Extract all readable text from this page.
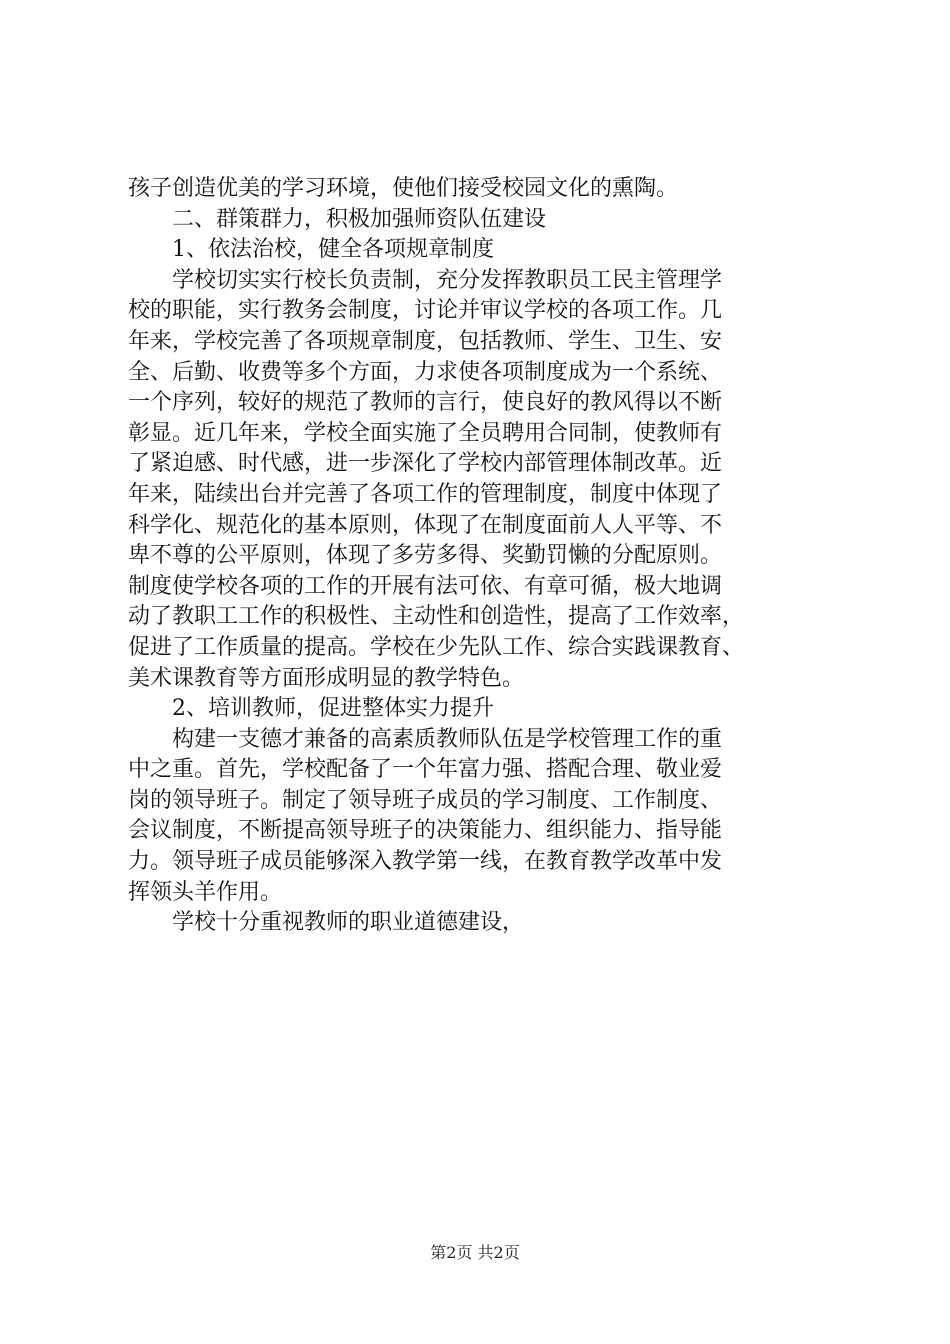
孩子创造优美的学习环境，使他们接受校园文化的熏陶。
二、群策群力，积极加强师资队伍建设
1、依法治校，健全各项规章制度
学校切实实行校长负责制，充分发挥教职员工民主管理学
校的职能，实行教务会制度，讨论并审议学校的各项工作。几
年来，学校完善了各项规章制度，包括教师、学生、卫生、安
全、后勤、收费等多个方面，力求使各项制度成为一个系统、
一个序列，较好的规范了教师的言行，使良好的教风得以不断
彰显。近几年来，学校全面实施了全员聘用合同制，使教师有
了紧迫感、时代感，进一步深化了学校内部管理体制改革。近
年来，陆续出台并完善了各项工作的管理制度，制度中体现了
科学化、规范化的基本原则，体现了在制度面前人人平等、不
卑不尊的公平原则，体现了多劳多得、奖勤罚懒的分配原则。
制度使学校各项的工作的开展有法可依、有章可循，极大地调
动了教职工工作的积极性、主动性和创造性，提高了工作效率，
促进了工作质量的提高。学校在少先队工作、综合实践课教育、
美术课教育等方面形成明显的教学特色。
2、培训教师，促进整体实力提升
构建一支德才兼备的高素质教师队伍是学校管理工作的重
中之重。首先，学校配备了一个年富力强、搭配合理、敬业爱
岗的领导班子。制定了领导班子成员的学习制度、工作制度、
会议制度，不断提高领导班子的决策能力、组织能力、指导能
力。领导班子成员能够深入教学第一线，在教育教学改革中发
挥领头羊作用。
学校十分重视教师的职业道德建设，
第2页 共2页
